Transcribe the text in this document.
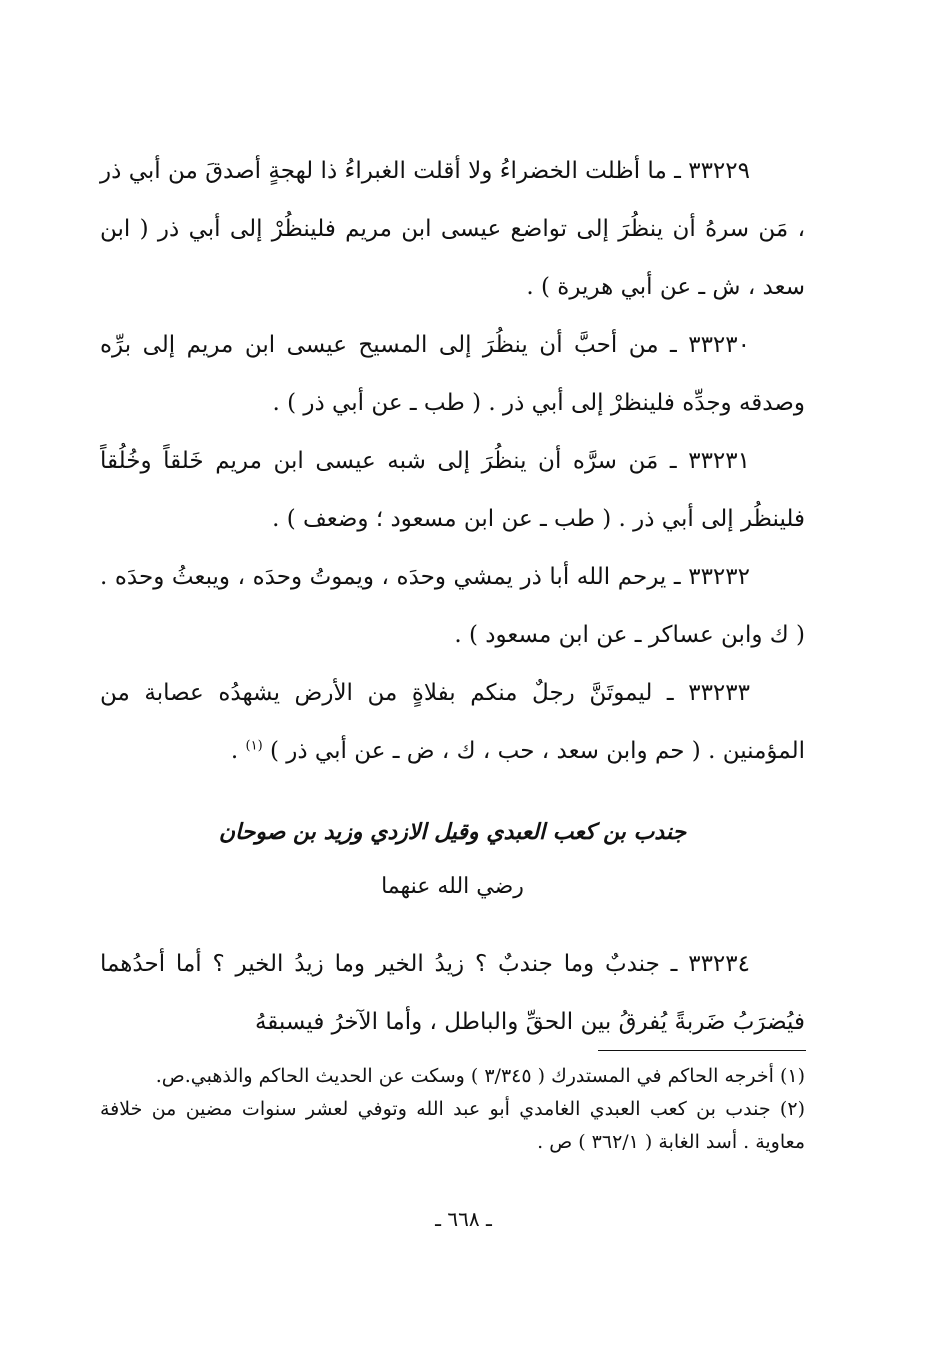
٣٣٢٢٩ ـ ما أظلت الخضراءُ ولا أقلت الغبراءُ ذا لهجةٍ أصدقَ من أبي ذر ، مَن سرهُ أن ينظُرَ إلى تواضع عيسى ابن مريم فلينظُرْ إلى أبي ذر ( ابن سعد ، ش ـ عن أبي هريرة ) .

٣٣٢٣٠ ـ من أحبَّ أن ينظُرَ إلى المسيح عيسى ابن مريم إلى برِّه وصدقه وجدِّه فلينظرْ إلى أبي ذر . ( طب ـ عن أبي ذر ) .

٣٣٢٣١ ـ مَن سرَّه أن ينظُرَ إلى شبه عيسى ابن مريم خَلقاً وخُلُقاً فلينظُر إلى أبي ذر . ( طب ـ عن ابن مسعود ؛ وضعف ) .

٣٣٢٣٢ ـ يرحم الله أبا ذر يمشي وحدَه ، ويموتُ وحدَه ، ويبعثُ وحدَه . ( ك وابن عساكر ـ عن ابن مسعود ) .

٣٣٢٣٣ ـ ليموتَنَّ رجلٌ منكم بفلاةٍ من الأرض يشهدُه عصابة من المؤمنين . ( حم وابن سعد ، حب ، ك ، ض ـ عن أبي ذر ) $^{(١)}$ .

جندب بن كعب العبدي وقيل الازدي وزيد بن صوحان
رضي الله عنهما

٣٣٢٣٤ ـ جندبٌ وما جندبٌ ؟ زيدُ الخير وما زيدُ الخير ؟ أما أحدُهما فيُضرَبُ ضَربةً يُفرقُ بين الحقِّ والباطل ، وأما الآخرُ فيسبقهُ

(١) أخرجه الحاكم في المستدرك ( ٣/٣٤٥ ) وسكت عن الحديث الحاكم والذهبي.ص.

(٢) جندب بن كعب العبدي الغامدي أبو عبد الله وتوفي لعشر سنوات مضين من خلافة معاوية . أسد الغابة ( ٣٦٢/١ ) ص .

ـ ٦٦٨ ـ
